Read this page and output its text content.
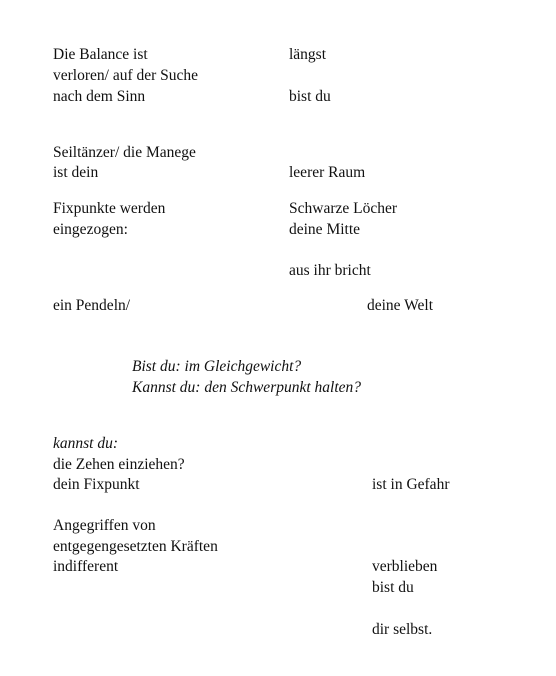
Die Balance ist
verloren/ auf der Suche
nach dem Sinn
längst
bist du
Seiltänzer/ die Manege
ist dein	leerer Raum
Fixpunkte werden
eingezogen:
Schwarze Löcher
deine Mitte
aus ihr bricht
ein Pendeln/	deine Welt
Bist du: im Gleichgewicht?
Kannst du: den Schwerpunkt halten?
kannst du:
die Zehen einziehen?
dein Fixpunkt	ist in Gefahr
Angegriffen von
entgegengesetzten Kräften
indifferent	verblieben
bist du
dir selbst.
